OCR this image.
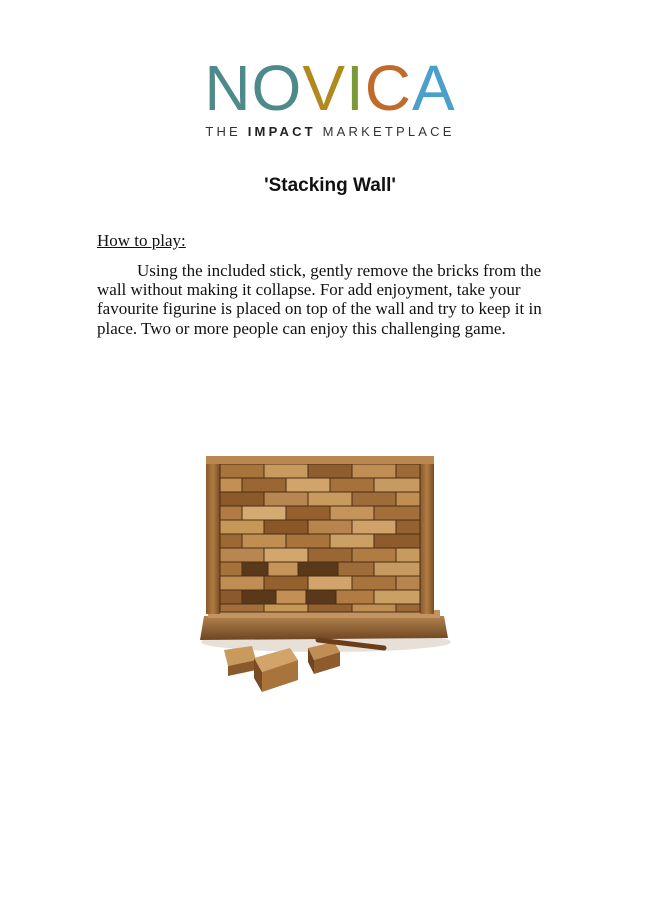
NOVICA
THE IMPACT MARKETPLACE
'Stacking Wall'
How to play:

Using the included stick, gently remove the bricks from the wall without making it collapse. For add enjoyment, take your favourite figurine is placed on top of the wall and try to keep it in place. Two or more people can enjoy this challenging game.
